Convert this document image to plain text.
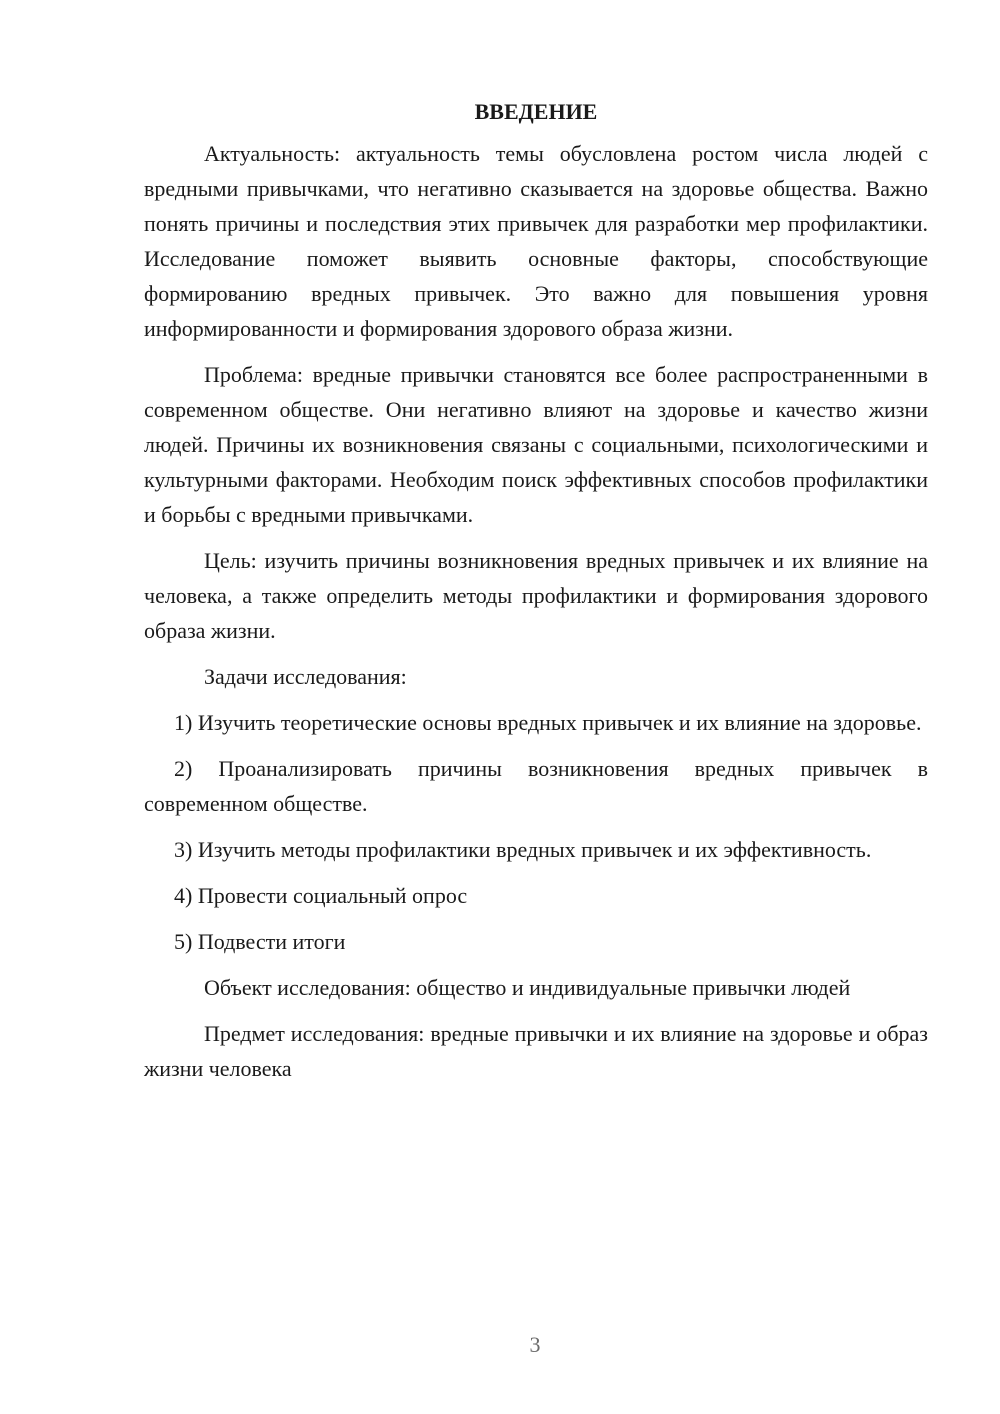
ВВЕДЕНИЕ

Актуальность: актуальность темы обусловлена ростом числа людей с вредными привычками, что негативно сказывается на здоровье общества. Важно понять причины и последствия этих привычек для разработки мер профилактики. Исследование поможет выявить основные факторы, способствующие формированию вредных привычек. Это важно для повышения уровня информированности и формирования здорового образа жизни.

Проблема: вредные привычки становятся все более распространенными в современном обществе. Они негативно влияют на здоровье и качество жизни людей. Причины их возникновения связаны с социальными, психологическими и культурными факторами. Необходим поиск эффективных способов профилактики и борьбы с вредными привычками.

Цель: изучить причины возникновения вредных привычек и их влияние на человека, а также определить методы профилактики и формирования здорового образа жизни.

Задачи исследования:

1) Изучить теоретические основы вредных привычек и их влияние на здоровье.

2) Проанализировать причины возникновения вредных привычек в современном обществе.

3) Изучить методы профилактики вредных привычек и их эффективность.

4) Провести социальный опрос

5) Подвести итоги

Объект исследования: общество и индивидуальные привычки людей

Предмет исследования: вредные привычки и их влияние на здоровье и образ жизни человека

3
